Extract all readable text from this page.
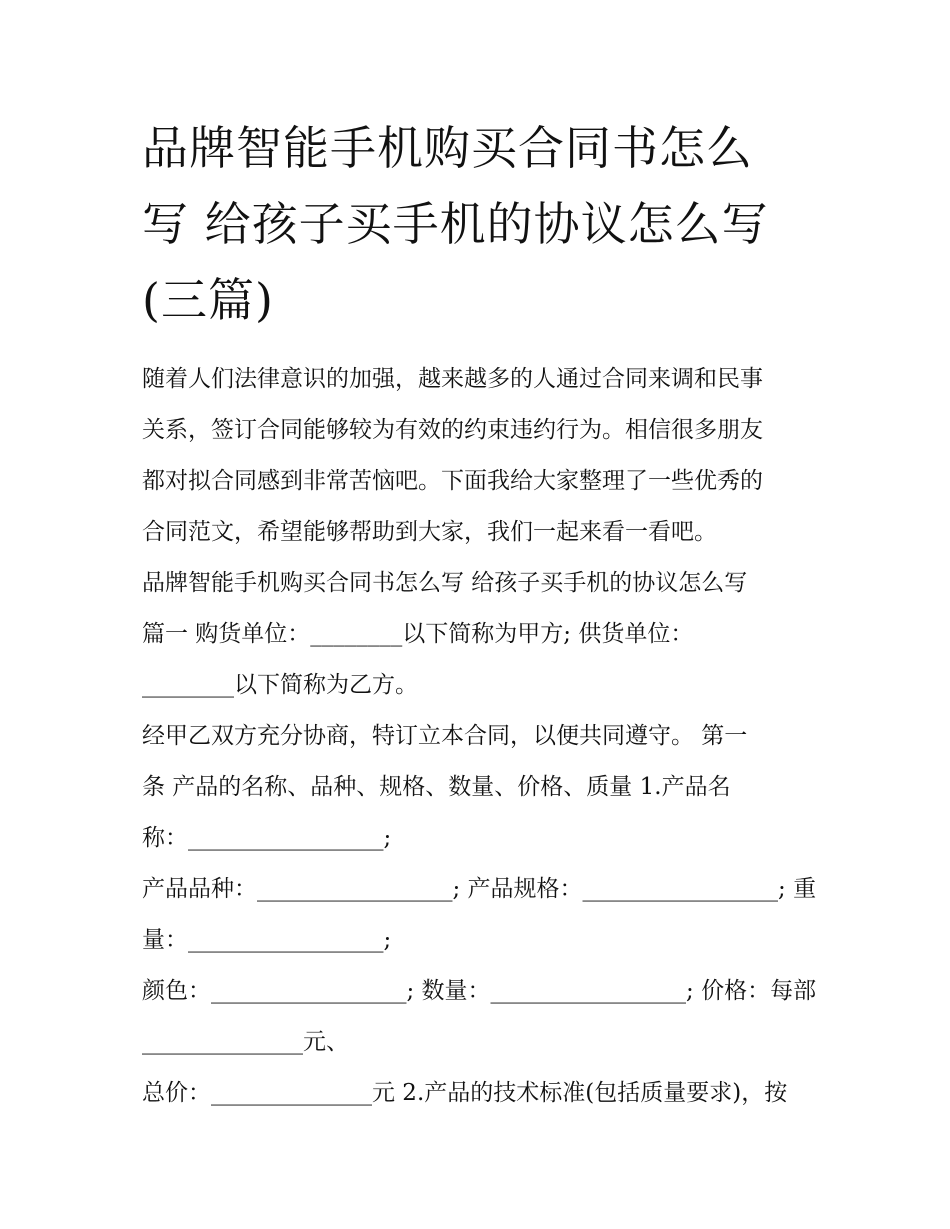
品牌智能手机购买合同书怎么
写 给孩子买手机的协议怎么写
(三篇)
随着人们法律意识的加强，越来越多的人通过合同来调和民事
关系，签订合同能够较为有效的约束违约行为。相信很多朋友
都对拟合同感到非常苦恼吧。下面我给大家整理了一些优秀的
合同范文，希望能够帮助到大家，我们一起来看一看吧。
品牌智能手机购买合同书怎么写 给孩子买手机的协议怎么写
篇一 购货单位：________以下简称为甲方; 供货单位：
________以下简称为乙方。
经甲乙双方充分协商，特订立本合同，以便共同遵守。 第一
条 产品的名称、品种、规格、数量、价格、质量 1.产品名
称：_________________;
产品品种：_________________; 产品规格：_________________; 重
量：_________________;
颜色：_________________; 数量：_________________; 价格：每部
______________元、
总价：______________元 2.产品的技术标准(包括质量要求)，按
